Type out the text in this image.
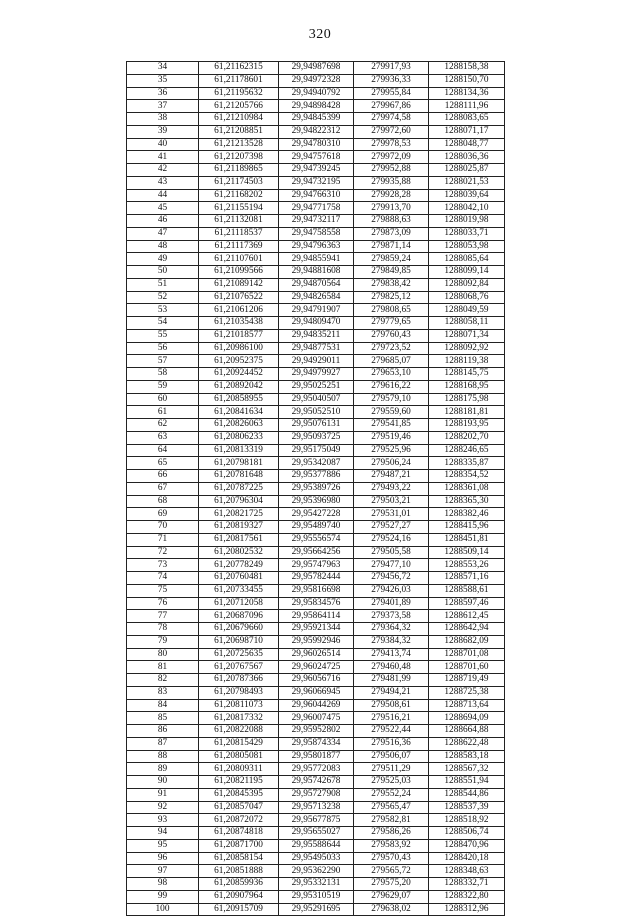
320
34	61,21162315	29,94987698	279917,93	1288158,38
35	61,21178601	29,94972328	279936,33	1288150,70
36	61,21195632	29,94940792	279955,84	1288134,36
37	61,21205766	29,94898428	279967,86	1288111,96
38	61,21210984	29,94845399	279974,58	1288083,65
39	61,21208851	29,94822312	279972,60	1288071,17
40	61,21213528	29,94780310	279978,53	1288048,77
41	61,21207398	29,94757618	279972,09	1288036,36
42	61,21189865	29,94739245	279952,88	1288025,87
43	61,21174503	29,94732195	279935,88	1288021,53
44	61,21168202	29,94766310	279928,28	1288039,64
45	61,21155194	29,94771758	279913,70	1288042,10
46	61,21132081	29,94732117	279888,63	1288019,98
47	61,21118537	29,94758558	279873,09	1288033,71
48	61,21117369	29,94796363	279871,14	1288053,98
49	61,21107601	29,94855941	279859,24	1288085,64
50	61,21099566	29,94881608	279849,85	1288099,14
51	61,21089142	29,94870564	279838,42	1288092,84
52	61,21076522	29,94826584	279825,12	1288068,76
53	61,21061206	29,94791907	279808,65	1288049,59
54	61,21035438	29,94809470	279779,65	1288058,11
55	61,21018577	29,94835211	279760,43	1288071,34
56	61,20986100	29,94877531	279723,52	1288092,92
57	61,20952375	29,94929011	279685,07	1288119,38
58	61,20924452	29,94979927	279653,10	1288145,75
59	61,20892042	29,95025251	279616,22	1288168,95
60	61,20858955	29,95040507	279579,10	1288175,98
61	61,20841634	29,95052510	279559,60	1288181,81
62	61,20826063	29,95076131	279541,85	1288193,95
63	61,20806233	29,95093725	279519,46	1288202,70
64	61,20813319	29,95175049	279525,96	1288246,65
65	61,20798181	29,95342087	279506,24	1288335,87
66	61,20781648	29,95377886	279487,21	1288354,52
67	61,20787225	29,95389726	279493,22	1288361,08
68	61,20796304	29,95396980	279503,21	1288365,30
69	61,20821725	29,95427228	279531,01	1288382,46
70	61,20819327	29,95489740	279527,27	1288415,96
71	61,20817561	29,95556574	279524,16	1288451,81
72	61,20802532	29,95664256	279505,58	1288509,14
73	61,20778249	29,95747963	279477,10	1288553,26
74	61,20760481	29,95782444	279456,72	1288571,16
75	61,20733455	29,95816698	279426,03	1288588,61
76	61,20712058	29,95834576	279401,89	1288597,46
77	61,20687096	29,95864114	279373,58	1288612,45
78	61,20679660	29,95921344	279364,32	1288642,94
79	61,20698710	29,95992946	279384,32	1288682,09
80	61,20725635	29,96026514	279413,74	1288701,08
81	61,20767567	29,96024725	279460,48	1288701,60
82	61,20787366	29,96056716	279481,99	1288719,49
83	61,20798493	29,96066945	279494,21	1288725,38
84	61,20811073	29,96044269	279508,61	1288713,64
85	61,20817332	29,96007475	279516,21	1288694,09
86	61,20822088	29,95952802	279522,44	1288664,88
87	61,20815429	29,95874334	279516,36	1288622,48
88	61,20805081	29,95801877	279506,07	1288583,18
89	61,20809311	29,95772083	279511,29	1288567,32
90	61,20821195	29,95742678	279525,03	1288551,94
91	61,20845395	29,95727908	279552,24	1288544,86
92	61,20857047	29,95713238	279565,47	1288537,39
93	61,20872072	29,95677875	279582,81	1288518,92
94	61,20874818	29,95655027	279586,26	1288506,74
95	61,20871700	29,95588644	279583,92	1288470,96
96	61,20858154	29,95495033	279570,43	1288420,18
97	61,20851888	29,95362290	279565,72	1288348,63
98	61,20859936	29,95332131	279575,20	1288332,71
99	61,20907964	29,95310519	279629,07	1288322,80
100	61,20915709	29,95291695	279638,02	1288312,96
